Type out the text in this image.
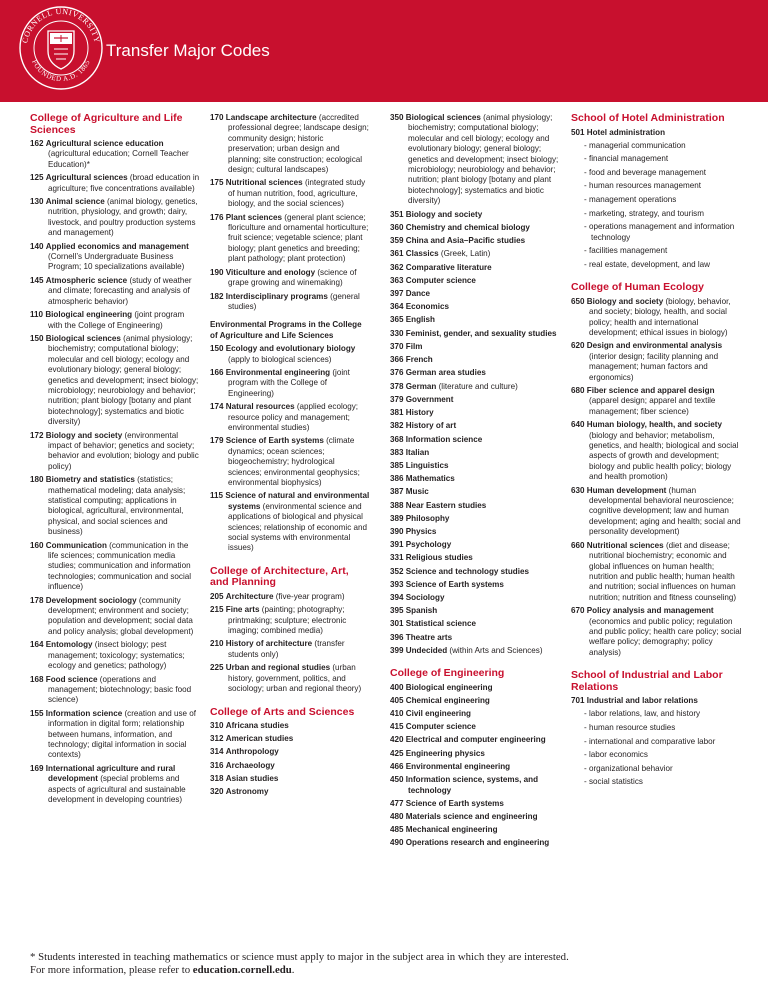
CORNELL UNIVERSITY
FOUNDED A.D. 1865
Transfer Major Codes
College of Agriculture and Life Sciences
162 Agricultural science education (agricultural education; Cornell Teacher Education)*
125 Agricultural sciences (broad education in agriculture; five concentrations available)
130 Animal science (animal biology, genetics, nutrition, physiology, and growth; dairy, livestock, and poultry production systems and management)
140 Applied economics and management (Cornell’s Undergraduate Business Program; 10 specializations available)
145 Atmospheric science (study of weather and climate; forecasting and analysis of atmospheric behavior)
110 Biological engineering (joint program with the College of Engineering)
150 Biological sciences (animal physiology; biochemistry; computational biology; molecular and cell biology; ecology and evolutionary biology; general biology; genetics and development; insect biology; microbiology; neurobiology and behavior; nutrition; plant biology [botany and plant biotechnology]; systematics and biotic diversity)
172 Biology and society (environmental impact of behavior; genetics and society; behavior and evolution; biology and public policy)
180 Biometry and statistics (statistics; mathematical modeling; data analysis; statistical computing; applications in biological, agricultural, environmental, physical, and social sciences and business)
160 Communication (communication in the life sciences; communication media studies; communication and information technologies; communication and social influence)
178 Development sociology (community development; environment and society; population and development; social data and policy analysis; global development)
164 Entomology (insect biology; pest management; toxicology; systematics; ecology and genetics; pathology)
168 Food science (operations and management; biotechnology; basic food science)
155 Information science (creation and use of information in digital form; relationship between humans, information, and technology; digital information in social contexts)
169 International agriculture and rural development (special problems and aspects of agricultural and sustainable development in developing countries)
170 Landscape architecture (accredited professional degree; landscape design; community design; historic preservation; urban design and planning; site construction; ecological design; cultural landscapes)
175 Nutritional sciences (integrated study of human nutrition, food, agriculture, biology, and the social sciences)
176 Plant sciences (general plant science; floriculture and ornamental horticulture; fruit science; vegetable science; plant biology; plant genetics and breeding; plant pathology; plant protection)
190 Viticulture and enology (science of grape growing and winemaking)
182 Interdisciplinary programs (general studies)
Environmental Programs in the College of Agriculture and Life Sciences
150 Ecology and evolutionary biology (apply to biological sciences)
166 Environmental engineering (joint program with the College of Engineering)
174 Natural resources (applied ecology; resource policy and management; environmental studies)
179 Science of Earth systems (climate dynamics; ocean sciences; biogeochemistry; hydrological sciences; environmental geophysics; environmental biophysics)
115 Science of natural and environmental systems (environmental science and applications of biological and physical sciences; relationship of economic and social systems with environmental issues)
College of Architecture, Art, and Planning
205 Architecture (five-year program)
215 Fine arts (painting; photography; printmaking; sculpture; electronic imaging; combined media)
210 History of architecture (transfer students only)
225 Urban and regional studies (urban history, government, politics, and sociology; urban and regional theory)
College of Arts and Sciences
310 Africana studies
312 American studies
314 Anthropology
316 Archaeology
318 Asian studies
320 Astronomy
350 Biological sciences (animal physiology; biochemistry; computational biology; molecular and cell biology; ecology and evolutionary biology; general biology; genetics and development; insect biology; microbiology; neurobiology and behavior; nutrition; plant biology [botany and plant biotechnology]; systematics and biotic diversity)
351 Biology and society
360 Chemistry and chemical biology
359 China and Asia–Pacific studies
361 Classics (Greek, Latin)
362 Comparative literature
363 Computer science
397 Dance
364 Economics
365 English
330 Feminist, gender, and sexuality studies
370 Film
366 French
376 German area studies
378 German (literature and culture)
379 Government
381 History
382 History of art
368 Information science
383 Italian
385 Linguistics
386 Mathematics
387 Music
388 Near Eastern studies
389 Philosophy
390 Physics
391 Psychology
331 Religious studies
352 Science and technology studies
393 Science of Earth systems
394 Sociology
395 Spanish
301 Statistical science
396 Theatre arts
399 Undecided (within Arts and Sciences)
College of Engineering
400 Biological engineering
405 Chemical engineering
410 Civil engineering
415 Computer science
420 Electrical and computer engineering
425 Engineering physics
466 Environmental engineering
450 Information science, systems, and technology
477 Science of Earth systems
480 Materials science and engineering
485 Mechanical engineering
490 Operations research and engineering
School of Hotel Administration
501 Hotel administration
- managerial communication
- financial management
- food and beverage management
- human resources management
- management operations
- marketing, strategy, and tourism
- operations management and information technology
- facilities management
- real estate, development, and law
College of Human Ecology
650 Biology and society (biology, behavior, and society; biology, health, and social policy; health and international development; ethical issues in biology)
620 Design and environmental analysis (interior design; facility planning and management; human factors and ergonomics)
680 Fiber science and apparel design (apparel design; apparel and textile management; fiber science)
640 Human biology, health, and society (biology and behavior; metabolism, genetics, and health; biological and social aspects of growth and development; biology and public health policy; biology and health promotion)
630 Human development (human developmental behavioral neuroscience; cognitive development; law and human development; aging and health; social and personality development)
660 Nutritional sciences (diet and disease; nutritional biochemistry; economic and global influences on human health; nutrition and public health; human health and nutrition; social influences on human nutrition; nutrition and fitness counseling)
670 Policy analysis and management (economics and public policy; regulation and public policy; health care policy; social welfare policy; demography; policy analysis)
School of Industrial and Labor Relations
701 Industrial and labor relations
- labor relations, law, and history
- human resource studies
- international and comparative labor
- labor economics
- organizational behavior
- social statistics
* Students interested in teaching mathematics or science must apply to major in the subject area in which they are interested.
For more information, please refer to education.cornell.edu.
